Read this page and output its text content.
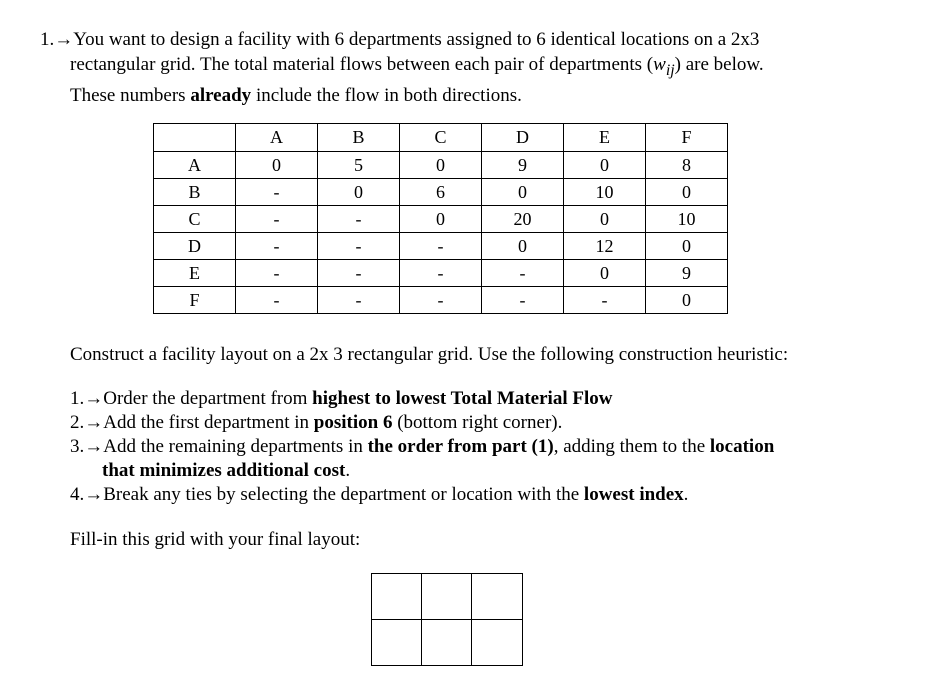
1.→You want to design a facility with 6 departments assigned to 6 identical locations on a 2x3
rectangular grid. The total material flows between each pair of departments $(w_{ij})$ are below.
These numbers already include the flow in both directions.
	A	B	C	D	E	F
A	0	5	0	9	0	8
B	-	0	6	0	10	0
C	-	-	0	20	0	10
D	-	-	-	0	12	0
E	-	-	-	-	0	9
F	-	-	-	-	-	0
Construct a facility layout on a 2x 3 rectangular grid. Use the following construction heuristic:
1.→Order the department from highest to lowest Total Material Flow
2.→Add the first department in position 6 (bottom right corner).
3.→Add the remaining departments in the order from part (1), adding them to the location
that minimizes additional cost.
4.→Break any ties by selecting the department or location with the lowest index.
Fill-in this grid with your final layout:
